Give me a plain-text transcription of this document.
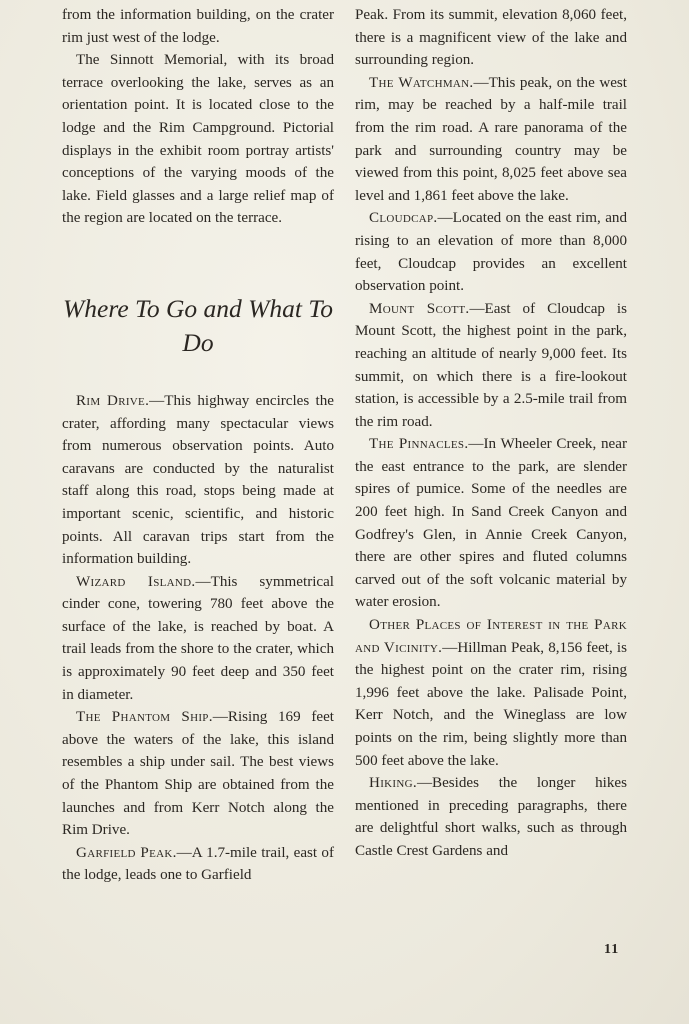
from the information building, on the crater rim just west of the lodge.

The Sinnott Memorial, with its broad terrace overlooking the lake, serves as an orientation point. It is located close to the lodge and the Rim Campground. Pictorial displays in the exhibit room portray artists' conceptions of the varying moods of the lake. Field glasses and a large relief map of the region are located on the terrace.

Where To Go and What To Do

Rim Drive.—This highway encircles the crater, affording many spectacular views from numerous observation points. Auto caravans are conducted by the naturalist staff along this road, stops being made at important scenic, scientific, and historic points. All caravan trips start from the information building.

Wizard Island.—This symmetrical cinder cone, towering 780 feet above the surface of the lake, is reached by boat. A trail leads from the shore to the crater, which is approximately 90 feet deep and 350 feet in diameter.

The Phantom Ship.—Rising 169 feet above the waters of the lake, this island resembles a ship under sail. The best views of the Phantom Ship are obtained from the launches and from Kerr Notch along the Rim Drive.

Garfield Peak.—A 1.7-mile trail, east of the lodge, leads one to Garfield

Peak. From its summit, elevation 8,060 feet, there is a magnificent view of the lake and surrounding region.

The Watchman.—This peak, on the west rim, may be reached by a half-mile trail from the rim road. A rare panorama of the park and surrounding country may be viewed from this point, 8,025 feet above sea level and 1,861 feet above the lake.

Cloudcap.—Located on the east rim, and rising to an elevation of more than 8,000 feet, Cloudcap provides an excellent observation point.

Mount Scott.—East of Cloudcap is Mount Scott, the highest point in the park, reaching an altitude of nearly 9,000 feet. Its summit, on which there is a fire-lookout station, is accessible by a 2.5-mile trail from the rim road.

The Pinnacles.—In Wheeler Creek, near the east entrance to the park, are slender spires of pumice. Some of the needles are 200 feet high. In Sand Creek Canyon and Godfrey's Glen, in Annie Creek Canyon, there are other spires and fluted columns carved out of the soft volcanic material by water erosion.

Other Places of Interest in the Park and Vicinity.—Hillman Peak, 8,156 feet, is the highest point on the crater rim, rising 1,996 feet above the lake. Palisade Point, Kerr Notch, and the Wineglass are low points on the rim, being slightly more than 500 feet above the lake.

Hiking.—Besides the longer hikes mentioned in preceding paragraphs, there are delightful short walks, such as through Castle Crest Gardens and

11
